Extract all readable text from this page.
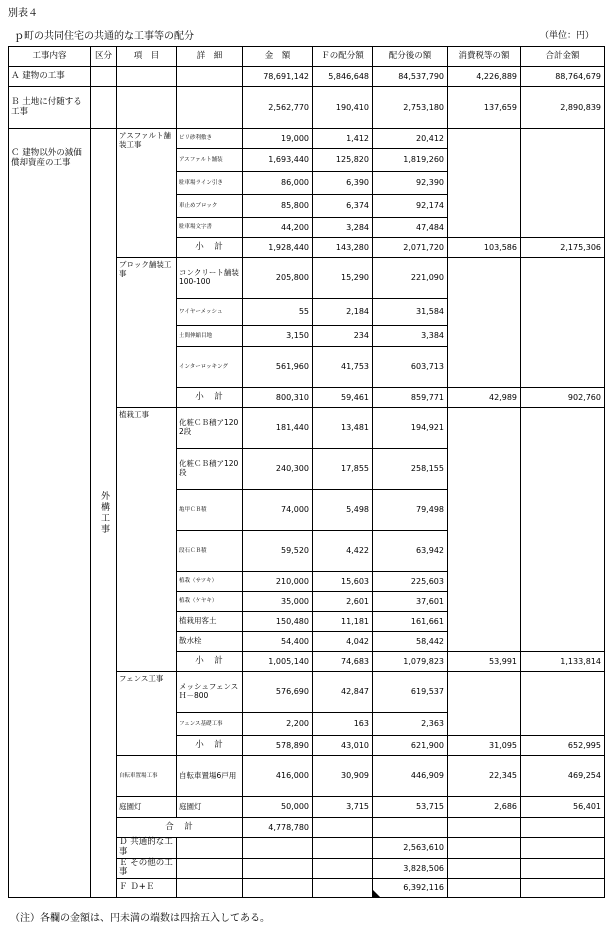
別表４
ｐ町の共同住宅の共通的な工事等の配分	（単位：円）
工事内容	区分	項　目	詳　細	金　額	Ｆの配分額	配分後の額	消費税等の額	合計金額	
Ａ 建物の工事				78,691,142	5,846,648	84,537,790	4,226,889	88,764,679	
Ｂ 土地に付随する工事				2,562,770	190,410	2,753,180	137,659	2,890,839	
Ｃ 建物以外の減価償却資産の工事	外構工事	アスファルト舗装工事	ビリ砂利敷き	19,000	1,412	20,412			
			アスファルト舗装	1,693,440	125,820	1,819,260			
			駐車場ライン引き	86,000	6,390	92,390			
			車止めブロック	85,800	6,374	92,174			
			駐車場文字書	44,200	3,284	47,484			
			小　計	1,928,440	143,280	2,071,720	103,586	2,175,306	
		ブロック舗装工事	コンクリート舗装 100-100	205,800	15,290	221,090			
			ワイヤーメッシュ	55	2,184	31,584			
			土間伸縮目地	3,150	234	3,384			
			インターロッキング	561,960	41,753	603,713			
			小　計	800,310	59,461	859,771	42,989	902,760	
		植栽工事	化粧ＣＢ積ア120　2段	181,440	13,481	194,921			
			化粧ＣＢ積ア120　段	240,300	17,855	258,155			
			亀甲ＣＢ積	74,000	5,498	79,498			
			段石ＣＢ積	59,520	4,422	63,942			
			植栽（サツキ）	210,000	15,603	225,603			
			植栽（ケヤキ）	35,000	2,601	37,601			
			植栽用客土	150,480	11,181	161,661			
			散水栓	54,400	4,042	58,442			
			小　計	1,005,140	74,683	1,079,823	53,991	1,133,814	
		フェンス工事	メッシュフェンスＨ－800	576,690	42,847	619,537			
			フェンス基礎工事	2,200	163	2,363			
			小　計	578,890	43,010	621,900	31,095	652,995	
		自転車置場工事	自転車置場6戸用	416,000	30,909	446,909	22,345	469,254	
		庭園灯	庭園灯	50,000	3,715	53,715	2,686	56,401	
		合　計		4,778,780					
		Ｄ 共通的な工事				2,563,610				
		Ｅ その他の工事				3,828,506				
		Ｆ Ｄ+Ｅ				6,392,116				
（注）各欄の金額は、円未満の端数は四捨五入してある。
